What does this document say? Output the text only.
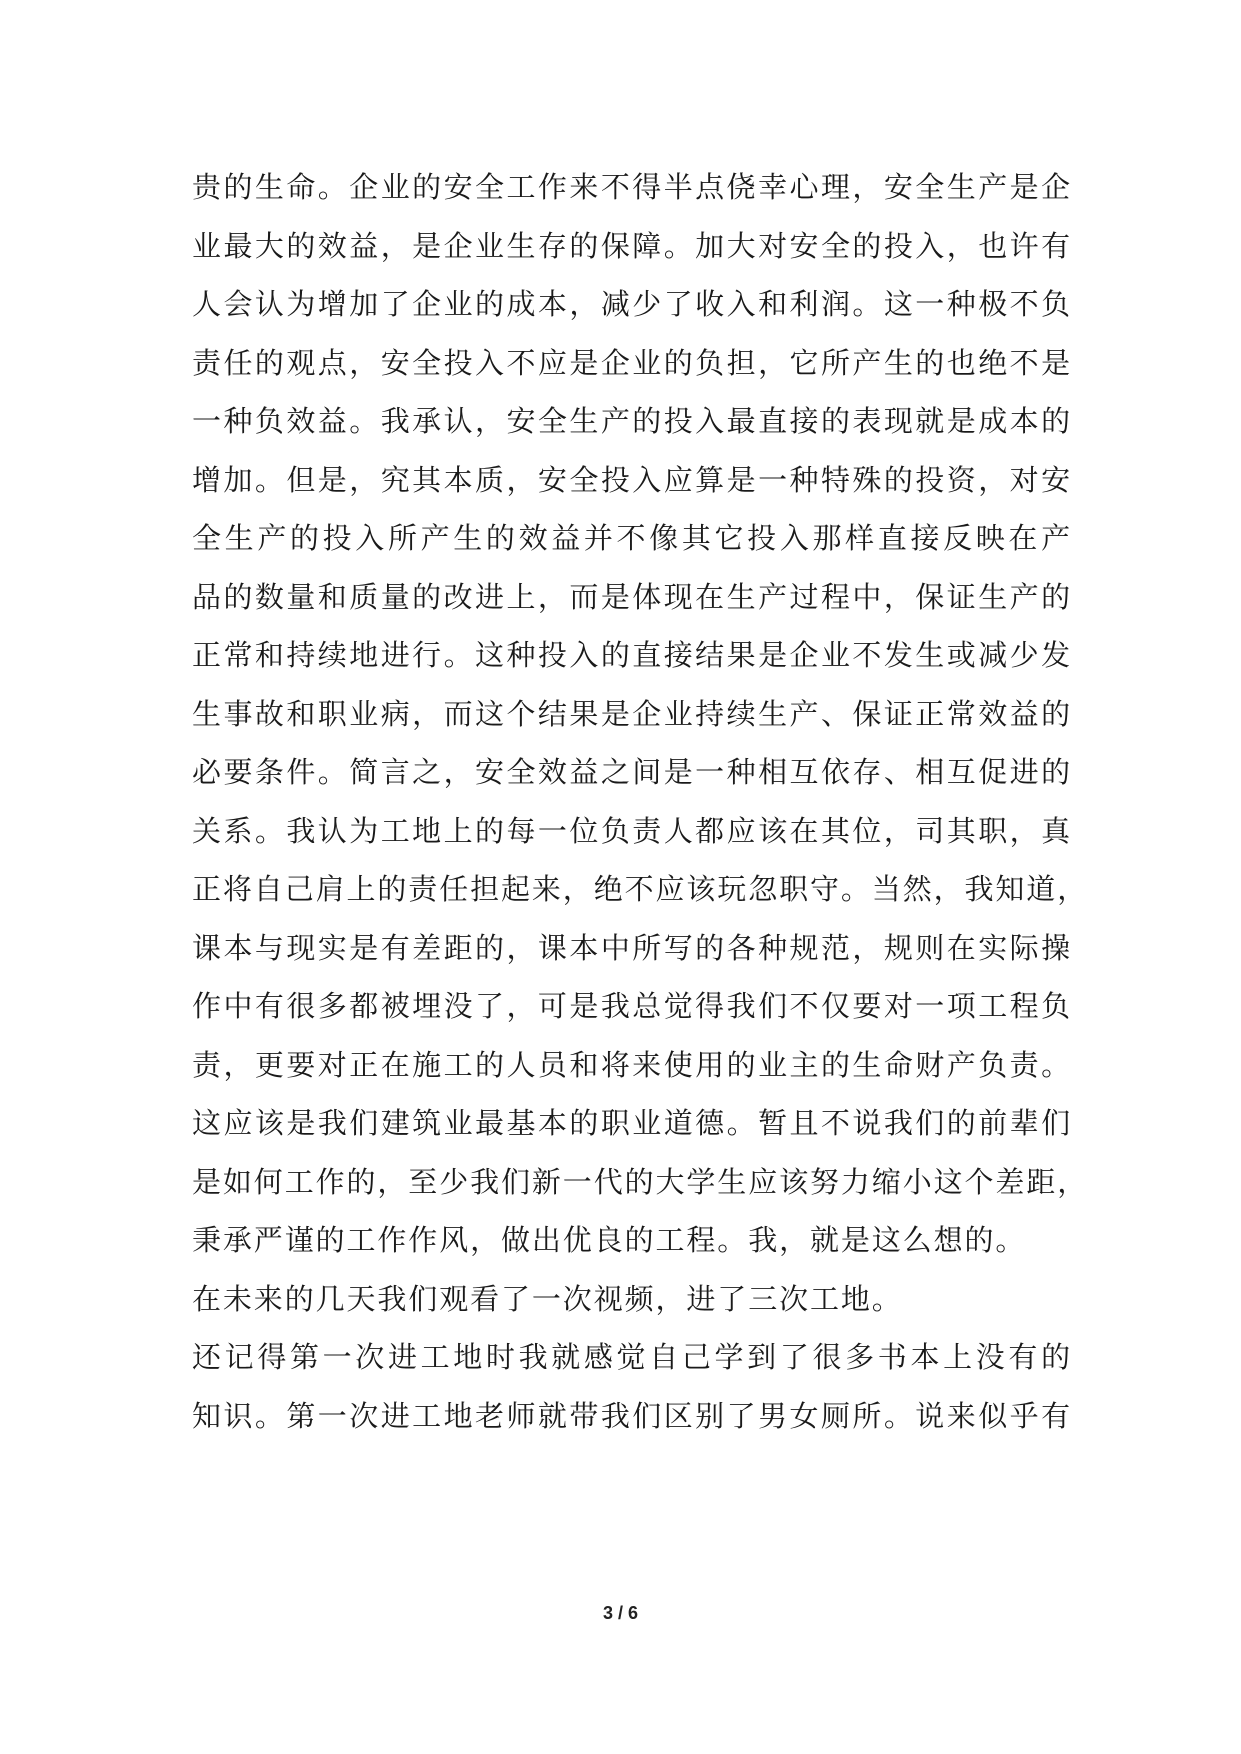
贵的生命。企业的安全工作来不得半点侥幸心理，安全生产是企
业最大的效益，是企业生存的保障。加大对安全的投入，也许有
人会认为增加了企业的成本，减少了收入和利润。这一种极不负
责任的观点，安全投入不应是企业的负担，它所产生的也绝不是
一种负效益。我承认，安全生产的投入最直接的表现就是成本的
增加。但是，究其本质，安全投入应算是一种特殊的投资，对安
全生产的投入所产生的效益并不像其它投入那样直接反映在产
品的数量和质量的改进上，而是体现在生产过程中，保证生产的
正常和持续地进行。这种投入的直接结果是企业不发生或减少发
生事故和职业病，而这个结果是企业持续生产、保证正常效益的
必要条件。简言之，安全效益之间是一种相互依存、相互促进的
关系。我认为工地上的每一位负责人都应该在其位，司其职，真
正将自己肩上的责任担起来，绝不应该玩忽职守。当然，我知道，
课本与现实是有差距的，课本中所写的各种规范，规则在实际操
作中有很多都被埋没了，可是我总觉得我们不仅要对一项工程负
责，更要对正在施工的人员和将来使用的业主的生命财产负责。
这应该是我们建筑业最基本的职业道德。暂且不说我们的前辈们
是如何工作的，至少我们新一代的大学生应该努力缩小这个差距，
秉承严谨的工作作风，做出优良的工程。我，就是这么想的。
在未来的几天我们观看了一次视频，进了三次工地。
还记得第一次进工地时我就感觉自己学到了很多书本上没有的
知识。第一次进工地老师就带我们区别了男女厕所。说来似乎有
3 / 6
